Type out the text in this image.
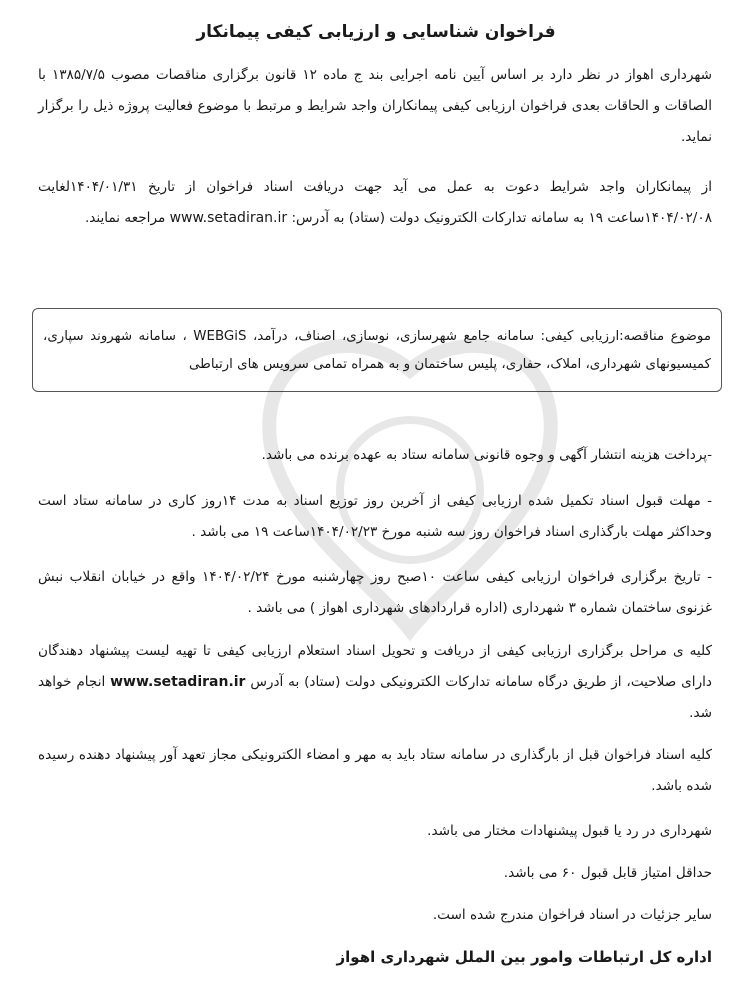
فراخوان شناسایی و ارزیابی کیفی پیمانکار
شهرداری اهواز در نظر دارد بر اساس آیین نامه اجرایی بند ج ماده ۱۲ قانون برگزاری مناقصات مصوب ۱۳۸۵/۷/۵ با الصاقات و الحاقات بعدی فراخوان ارزیابی کیفی پیمانکاران واجد شرایط و مرتبط با موضوع فعالیت پروژه ذیل را برگزار نماید.
از پیمانکاران واجد شرایط دعوت به عمل می آید جهت دریافت اسناد فراخوان از تاریخ ۱۴۰۴/۰۱/۳۱لغایت ۱۴۰۴/۰۲/۰۸ساعت ۱۹ به سامانه تدارکات الکترونیک دولت (ستاد) به آدرس: www.setadiran.ir مراجعه نمایند.
موضوع مناقصه:ارزیابی کیفی: سامانه جامع شهرسازی، نوسازی، اصناف، درآمد، WEBGiS ، سامانه شهروند سپاری، کمیسیونهای شهرداری، املاک، حفاری، پلیس ساختمان و به همراه تمامی سرویس های ارتباطی
-پرداخت هزینه انتشار آگهی و وجوه قانونی سامانه ستاد به عهده برنده می باشد.
- مهلت قبول اسناد تکمیل شده ارزیابی کیفی از آخرین روز توزیع اسناد به مدت ۱۴روز کاری در سامانه ستاد است وحداکثر مهلت بارگذاری اسناد فراخوان روز سه شنبه مورخ ۱۴۰۴/۰۲/۲۳ساعت ۱۹ می باشد .
- تاریخ برگزاری فراخوان ارزیابی کیفی ساعت ۱۰صبح روز چهارشنبه مورخ ۱۴۰۴/۰۲/۲۴ واقع در خیابان انقلاب نبش غزنوی ساختمان شماره ۳ شهرداری (اداره قراردادهای شهرداری اهواز ) می باشد .
کلیه ی مراحل برگزاری ارزیابی کیفی از دریافت و تحویل اسناد استعلام ارزیابی کیفی تا تهیه لیست پیشنهاد دهندگان دارای صلاحیت، از طریق درگاه سامانه تدارکات الکترونیکی دولت (ستاد) به آدرس www.setadiran.ir انجام خواهد شد.
کلیه اسناد فراخوان قبل از بارگذاری در سامانه ستاد باید به مهر و امضاء الکترونیکی مجاز تعهد آور پیشنهاد دهنده رسیده شده باشد.
شهرداری در رد یا قبول پیشنهادات مختار می باشد.
حداقل امتیاز قابل قبول ۶۰ می باشد.
سایر جزئیات در اسناد فراخوان مندرج شده است.
اداره کل ارتباطات وامور بین الملل شهرداری اهواز
